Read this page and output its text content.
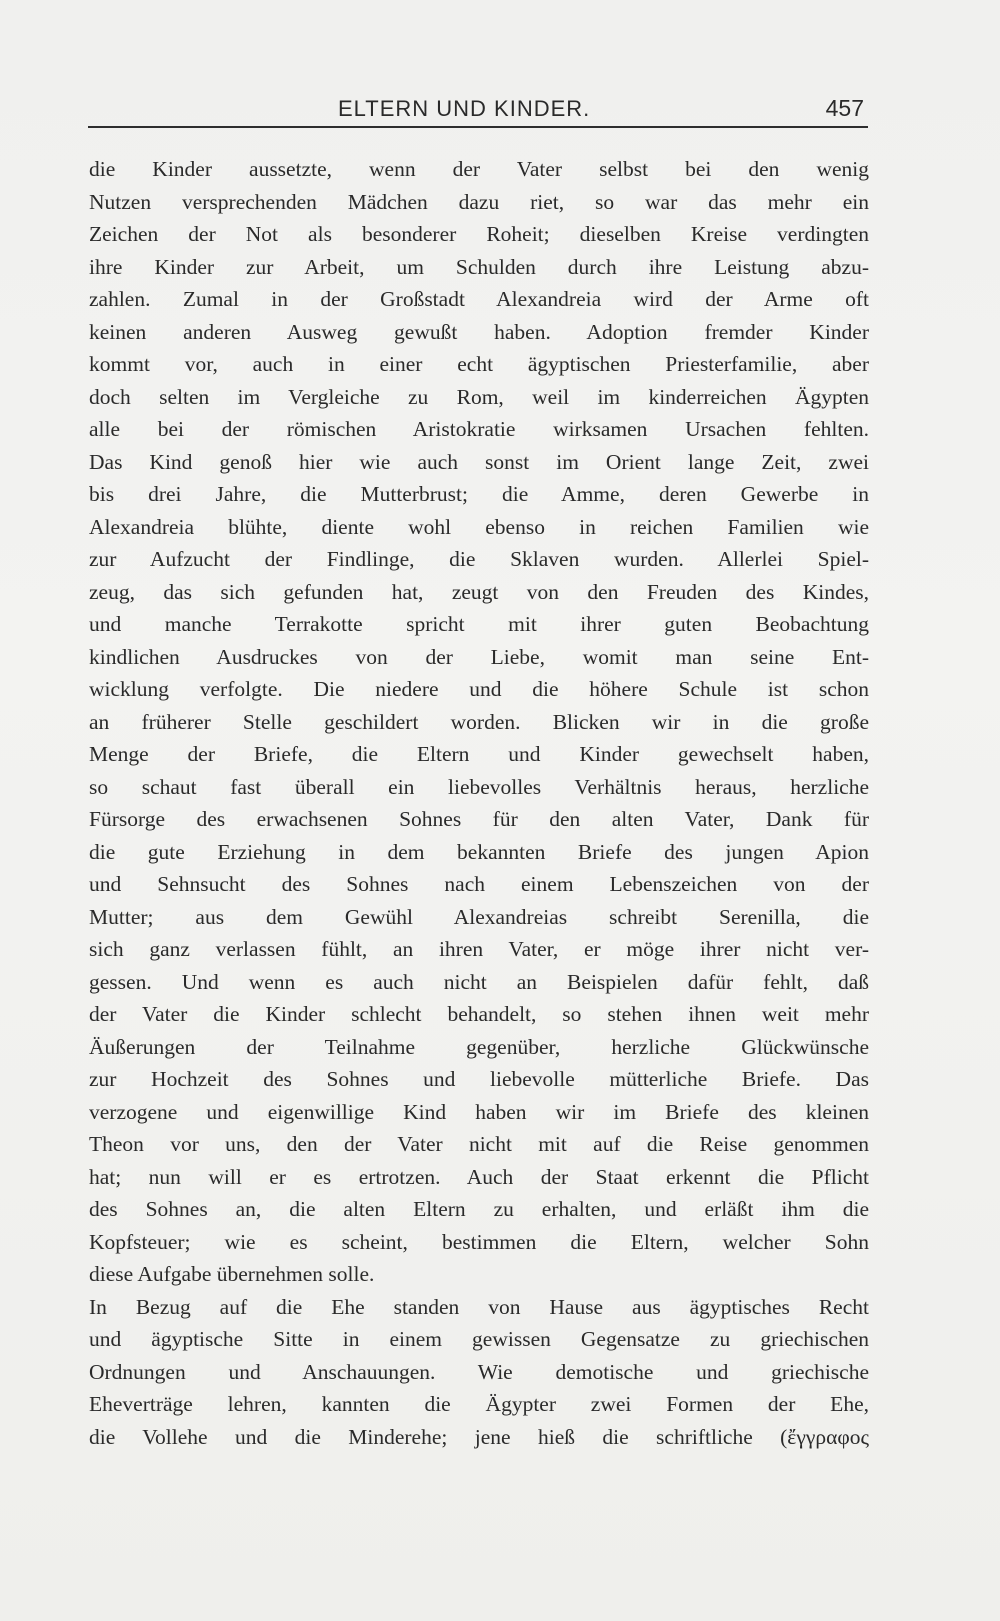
ELTERN UND KINDER.	457
die Kinder aussetzte, wenn der Vater selbst bei den wenig
Nutzen versprechenden Mädchen dazu riet, so war das mehr ein
Zeichen der Not als besonderer Roheit; dieselben Kreise verdingten
ihre Kinder zur Arbeit, um Schulden durch ihre Leistung abzu-
zahlen. Zumal in der Großstadt Alexandreia wird der Arme oft
keinen anderen Ausweg gewußt haben. Adoption fremder Kinder
kommt vor, auch in einer echt ägyptischen Priesterfamilie, aber
doch selten im Vergleiche zu Rom, weil im kinderreichen Ägypten
alle bei der römischen Aristokratie wirksamen Ursachen fehlten.
Das Kind genoß hier wie auch sonst im Orient lange Zeit, zwei
bis drei Jahre, die Mutterbrust; die Amme, deren Gewerbe in
Alexandreia blühte, diente wohl ebenso in reichen Familien wie
zur Aufzucht der Findlinge, die Sklaven wurden. Allerlei Spiel-
zeug, das sich gefunden hat, zeugt von den Freuden des Kindes,
und manche Terrakotte spricht mit ihrer guten Beobachtung
kindlichen Ausdruckes von der Liebe, womit man seine Ent-
wicklung verfolgte. Die niedere und die höhere Schule ist schon
an früherer Stelle geschildert worden. Blicken wir in die große
Menge der Briefe, die Eltern und Kinder gewechselt haben,
so schaut fast überall ein liebevolles Verhältnis heraus, herzliche
Fürsorge des erwachsenen Sohnes für den alten Vater, Dank für
die gute Erziehung in dem bekannten Briefe des jungen Apion
und Sehnsucht des Sohnes nach einem Lebenszeichen von der
Mutter; aus dem Gewühl Alexandreias schreibt Serenilla, die
sich ganz verlassen fühlt, an ihren Vater, er möge ihrer nicht ver-
gessen. Und wenn es auch nicht an Beispielen dafür fehlt, daß
der Vater die Kinder schlecht behandelt, so stehen ihnen weit mehr
Äußerungen der Teilnahme gegenüber, herzliche Glückwünsche
zur Hochzeit des Sohnes und liebevolle mütterliche Briefe. Das
verzogene und eigenwillige Kind haben wir im Briefe des kleinen
Theon vor uns, den der Vater nicht mit auf die Reise genommen
hat; nun will er es ertrotzen. Auch der Staat erkennt die Pflicht
des Sohnes an, die alten Eltern zu erhalten, und erläßt ihm die
Kopfsteuer; wie es scheint, bestimmen die Eltern, welcher Sohn
diese Aufgabe übernehmen solle.
In Bezug auf die Ehe standen von Hause aus ägyptisches Recht
und ägyptische Sitte in einem gewissen Gegensatze zu griechischen
Ordnungen und Anschauungen. Wie demotische und griechische
Eheverträge lehren, kannten die Ägypter zwei Formen der Ehe,
die Vollehe und die Minderehe; jene hieß die schriftliche (ἔγγραφος
